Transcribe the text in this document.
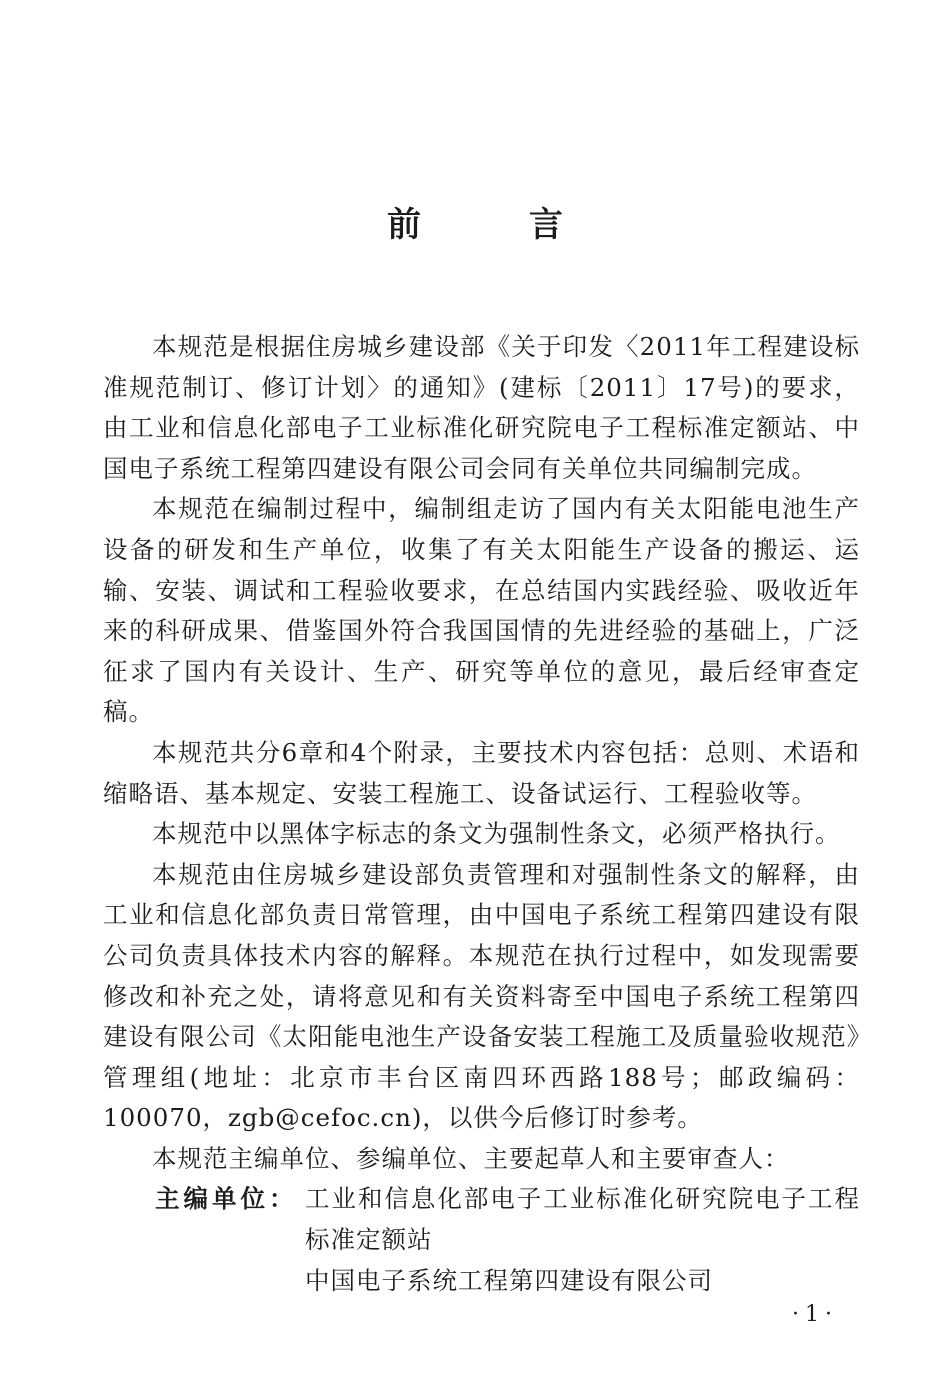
前 言

本规范是根据住房城乡建设部《关于印发〈2011年工程建设标准规范制订、修订计划〉的通知》(建标〔2011〕17号)的要求，由工业和信息化部电子工业标准化研究院电子工程标准定额站、中国电子系统工程第四建设有限公司会同有关单位共同编制完成。

本规范在编制过程中，编制组走访了国内有关太阳能电池生产设备的研发和生产单位，收集了有关太阳能生产设备的搬运、运输、安装、调试和工程验收要求，在总结国内实践经验、吸收近年来的科研成果、借鉴国外符合我国国情的先进经验的基础上，广泛征求了国内有关设计、生产、研究等单位的意见，最后经审查定稿。

本规范共分6章和4个附录，主要技术内容包括：总则、术语和缩略语、基本规定、安装工程施工、设备试运行、工程验收等。

本规范中以黑体字标志的条文为强制性条文，必须严格执行。

本规范由住房城乡建设部负责管理和对强制性条文的解释，由工业和信息化部负责日常管理，由中国电子系统工程第四建设有限公司负责具体技术内容的解释。本规范在执行过程中，如发现需要修改和补充之处，请将意见和有关资料寄至中国电子系统工程第四建设有限公司《太阳能电池生产设备安装工程施工及质量验收规范》管理组(地址：北京市丰台区南四环西路188号；邮政编码：100070，zgb@cefoc.cn)，以供今后修订时参考。

本规范主编单位、参编单位、主要起草人和主要审查人：

主编单位： 工业和信息化部电子工业标准化研究院电子工程标准定额站
中国电子系统工程第四建设有限公司
·1·
